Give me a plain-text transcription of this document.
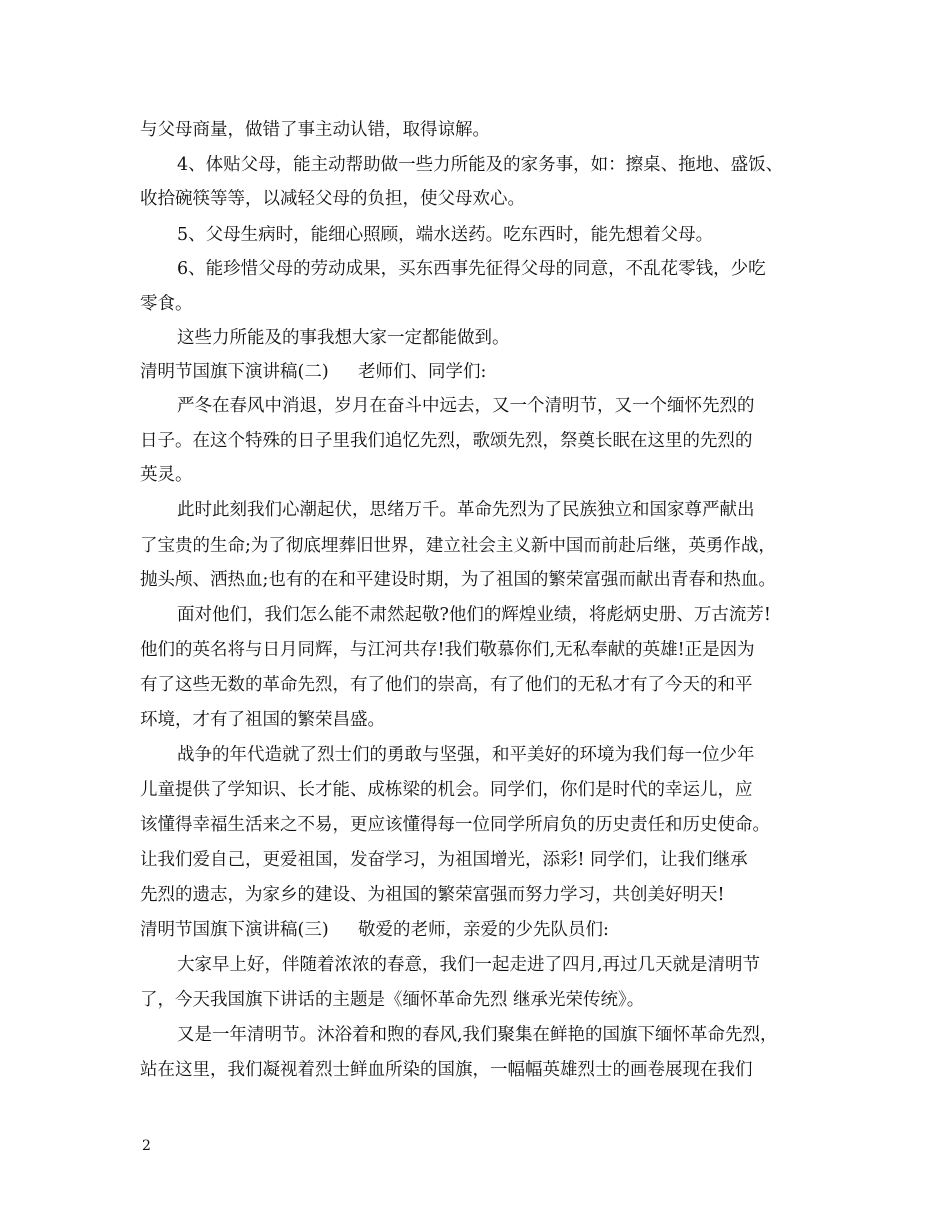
与父母商量，做错了事主动认错，取得谅解。
4、体贴父母，能主动帮助做一些力所能及的家务事，如：擦桌、拖地、盛饭、
收拾碗筷等等，以减轻父母的负担，使父母欢心。
5、父母生病时，能细心照顾，端水送药。吃东西时，能先想着父母。
6、能珍惜父母的劳动成果，买东西事先征得父母的同意，不乱花零钱，少吃
零食。
这些力所能及的事我想大家一定都能做到。
清明节国旗下演讲稿(二) 老师们、同学们:
严冬在春风中消退，岁月在奋斗中远去，又一个清明节，又一个缅怀先烈的
日子。在这个特殊的日子里我们追忆先烈，歌颂先烈，祭奠长眠在这里的先烈的
英灵。
此时此刻我们心潮起伏，思绪万千。革命先烈为了民族独立和国家尊严献出
了宝贵的生命;为了彻底埋葬旧世界，建立社会主义新中国而前赴后继，英勇作战，
抛头颅、洒热血;也有的在和平建设时期，为了祖国的繁荣富强而献出青春和热血。
面对他们，我们怎么能不肃然起敬?他们的辉煌业绩，将彪炳史册、万古流芳!
他们的英名将与日月同辉，与江河共存!我们敬慕你们,无私奉献的英雄!正是因为
有了这些无数的革命先烈，有了他们的崇高，有了他们的无私才有了今天的和平
环境，才有了祖国的繁荣昌盛。
战争的年代造就了烈士们的勇敢与坚强，和平美好的环境为我们每一位少年
儿童提供了学知识、长才能、成栋梁的机会。同学们，你们是时代的幸运儿，应
该懂得幸福生活来之不易，更应该懂得每一位同学所肩负的历史责任和历史使命。
让我们爱自己，更爱祖国，发奋学习，为祖国增光，添彩! 同学们，让我们继承
先烈的遗志，为家乡的建设、为祖国的繁荣富强而努力学习，共创美好明天!
清明节国旗下演讲稿(三) 敬爱的老师，亲爱的少先队员们:
大家早上好，伴随着浓浓的春意，我们一起走进了四月,再过几天就是清明节
了，今天我国旗下讲话的主题是《缅怀革命先烈 继承光荣传统》。
又是一年清明节。沐浴着和煦的春风,我们聚集在鲜艳的国旗下缅怀革命先烈，
站在这里，我们凝视着烈士鲜血所染的国旗，一幅幅英雄烈士的画卷展现在我们
2
